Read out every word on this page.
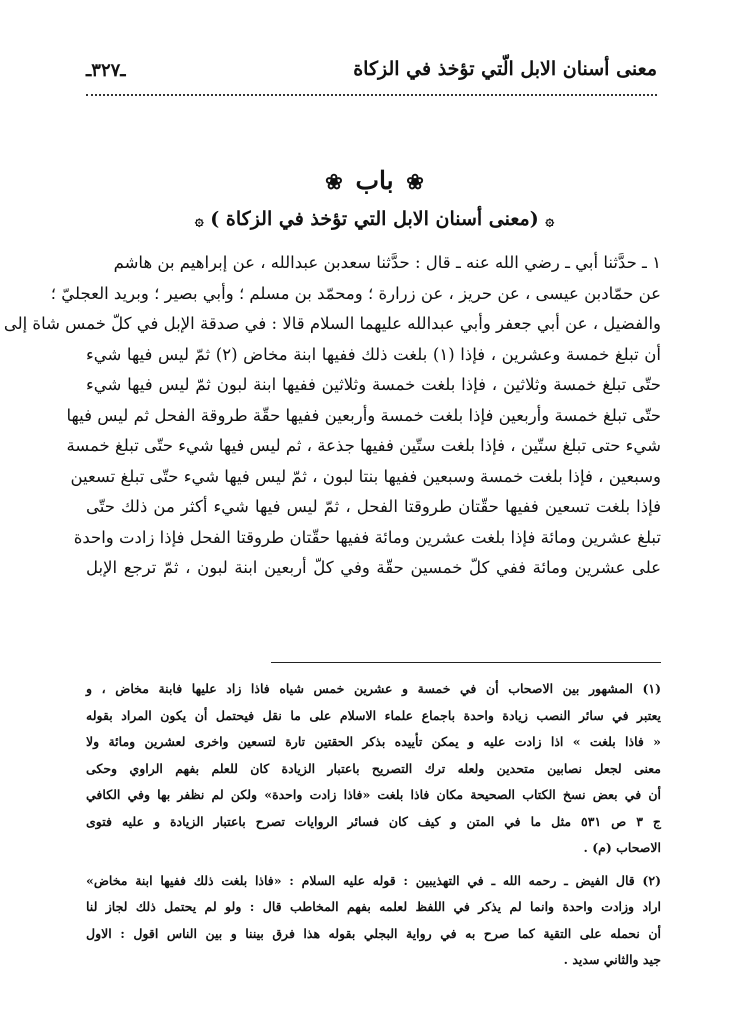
معنى أسنان الابل الّتي تؤخذ في الزكاة
ـ٣٢٧ـ
❀ باب ❀
۞ (معنى أسنان الابل التي تؤخذ في الزكاة ) ۞
١ ـ حدَّثنا أبي ـ رضي الله عنه ـ قال : حدَّثنا سعدبن عبدالله ، عن إبراهيم بن هاشم
عن حمّادبن عيسى ، عن حريز ، عن زرارة ؛ ومحمّد بن مسلم ؛ وأبي بصير ؛ وبريد العجليّ ؛
والفضيل ، عن أبي جعفر وأبي عبدالله عليهما السلام قالا : في صدقة الإبل في كلّ خمس شاة إلى
أن تبلغ خمسة وعشرين ، فإذا (١) بلغت ذلك ففيها ابنة مخاض (٢) ثمّ ليس فيها شيء
حتّى تبلغ خمسة وثلاثين ، فإذا بلغت خمسة وثلاثين ففيها ابنة لبون ثمّ ليس فيها شيء
حتّى تبلغ خمسة وأربعين فإذا بلغت خمسة وأربعين ففيها حقّة طروقة الفحل ثم ليس فيها
شيء حتى تبلغ ستّين ، فإذا بلغت ستّين ففيها جذعة ، ثم ليس فيها شيء حتّى تبلغ خمسة
وسبعين ، فإذا بلغت خمسة وسبعين ففيها بنتا لبون ، ثمّ ليس فيها شيء حتّى تبلغ تسعين
فإذا بلغت تسعين ففيها حقّتان طروقتا الفحل ، ثمّ ليس فيها شيء أكثر من ذلك حتّى
تبلغ عشرين ومائة فإذا بلغت عشرين ومائة ففيها حقّتان طروقتا الفحل فإذا زادت واحدة
على عشرين ومائة ففي كلّ خمسين حقّة وفي كلّ أربعين ابنة لبون ، ثمّ ترجع الإبل
(١) المشهور بين الاصحاب أن في خمسة و عشرين خمس شياه فاذا زاد عليها فابنة مخاض ، و
يعتبر في سائر النصب زيادة واحدة باجماع علماء الاسلام على ما نقل فيحتمل أن يكون المراد بقوله
« فاذا بلغت » اذا زادت عليه و يمكن تأييده بذكر الحقتين تارة لتسعين واخرى لعشرين ومائة ولا
معنى لجعل نصابين متحدين ولعله ترك التصريح باعتبار الزيادة كان للعلم بفهم الراوي وحكى
أن في بعض نسخ الكتاب الصحيحة مكان فاذا بلغت «فاذا زادت واحدة» ولكن لم نظفر بها وفي الكافي
ج ٣ ص ٥٣١ مثل ما في المتن و كيف كان فسائر الروايات تصرح باعتبار الزيادة و عليه فتوى
الاصحاب (م) .
(٢) قال الفيض ـ رحمه الله ـ في التهذيبين : قوله عليه السلام : «فاذا بلغت ذلك ففيها ابنة مخاض»
اراد وزادت واحدة وانما لم يذكر في اللفظ لعلمه بفهم المخاطب قال : ولو لم يحتمل ذلك لجاز لنا
أن نحمله على التقية كما صرح به في رواية البجلي بقوله هذا فرق بيننا و بين الناس اقول : الاول
جيد والثاني سديد .
